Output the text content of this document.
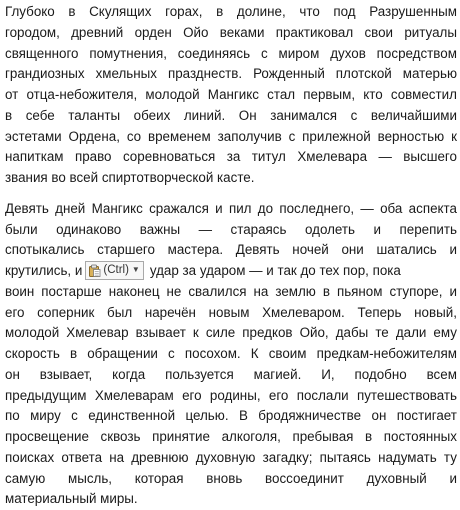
Глубоко в Скулящих горах, в долине, что под Разрушенным
городом, древний орден Ойо веками практиковал свои ритуалы
священного помутнения, соединяясь с миром духов посредством
грандиозных хмельных празднеств. Рожденный плотской матерью
от отца-небожителя, молодой Мангикс стал первым, кто совместил
в себе таланты обеих линий. Он занимался с величайшими
эстетами Ордена, со временем заполучив с прилежной верностью к
напиткам право соревноваться за титул Хмелевара — высшего
звания во всей спиртотворческой касте.

Девять дней Мангикс сражался и пил до последнего, — оба аспекта
были одинаково важны — стараясь одолеть и перепить
спотыкались старшего мастера. Девять ночей они шатались и
крутились, и (Ctrl) ▼ удар за ударом — и так до тех пор, пока
воин постарше наконец не свалился на землю в пьяном ступоре, и
его соперник был наречён новым Хмелеваром. Теперь новый,
молодой Хмелевар взывает к силе предков Ойо, дабы те дали ему
скорость в обращении с посохом. К своим предкам-небожителям
он взывает, когда пользуется магией. И, подобно всем
предыдущим Хмелеварам его родины, его послали путешествовать
по миру с единственной целью. В бродяжничестве он постигает
просвещение сквозь принятие алкоголя, пребывая в постоянных
поисках ответа на древнюю духовную загадку; пытаясь надумать ту
самую мысль, которая вновь воссоединит духовный и
материальный миры.
